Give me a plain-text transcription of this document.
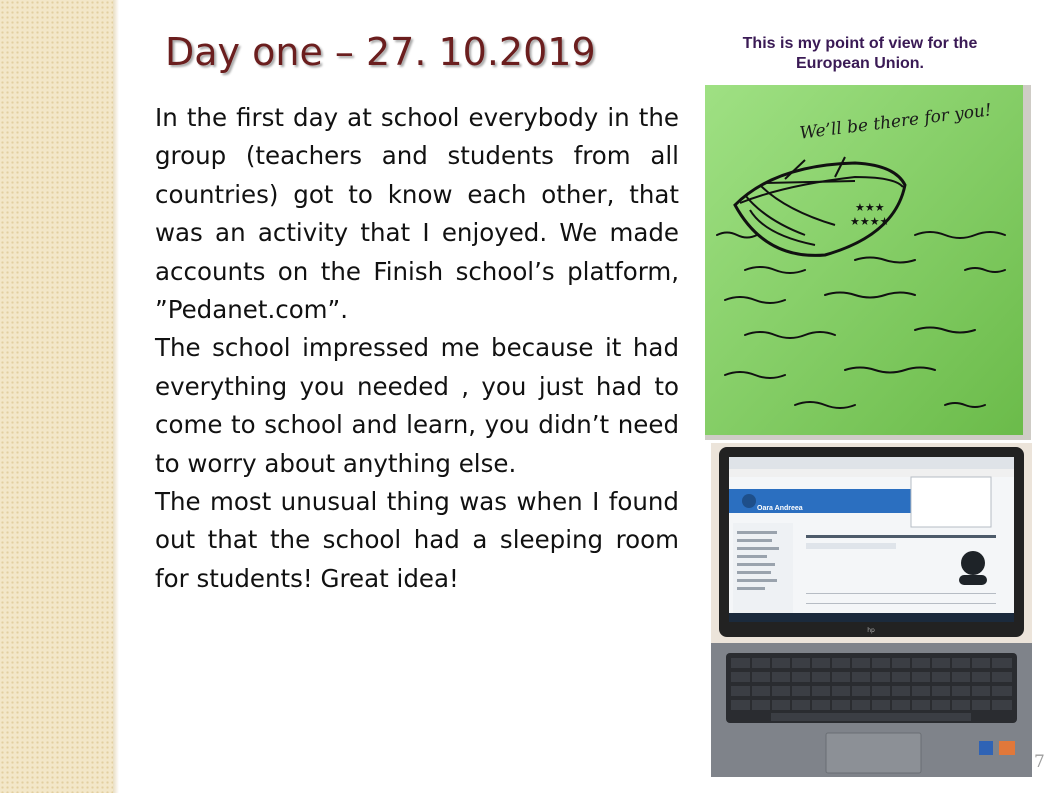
Day one – 27. 10.2019	This is my point of view for the European Union.

In the first day at school everybody in the group (teachers and students from all countries) got to know each other, that was an activity that I enjoyed. We made accounts on the Finish school’s platform, ”Pedanet.com”.

The school impressed me because it had everything you needed , you just had to come to school and learn, you didn’t need to worry about anything else.

The most unusual thing was when I found out that the school had a sleeping room for students! Great idea!

★★★
★★★★
We’ll be there for you!
hp
Oara Andreea
7
